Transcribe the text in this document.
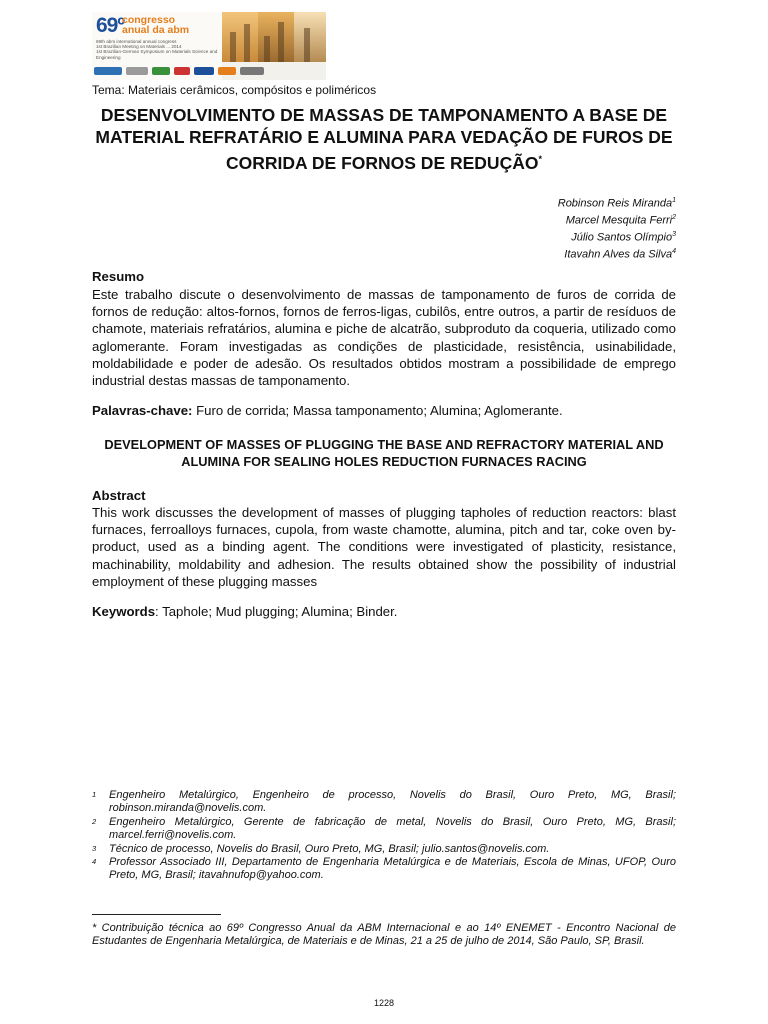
69º
congresso
anual da abm
69th abm international annual congress
1st Brazilian Meeting on Materials ... 2014
1st Brazilian-German Symposium on Materials Science and Engineering
Tema: Materiais cerâmicos, compósitos e poliméricos
DESENVOLVIMENTO DE MASSAS DE TAMPONAMENTO A BASE DE MATERIAL REFRATÁRIO E ALUMINA PARA VEDAÇÃO DE FUROS DE CORRIDA DE FORNOS DE REDUÇÃO*
Robinson Reis Miranda$^1$
Marcel Mesquita Ferri$^2$
Júlio Santos Olímpio$^3$
Itavahn Alves da Silva$^4$
Resumo

Este trabalho discute o desenvolvimento de massas de tamponamento de furos de corrida de fornos de redução: altos-fornos, fornos de ferros-ligas, cubilôs, entre outros, a partir de resíduos de chamote, materiais refratários, alumina e piche de alcatrão, subproduto da coqueria, utilizado como aglomerante. Foram investigadas as condições de plasticidade, resistência, usinabilidade, moldabilidade e poder de adesão. Os resultados obtidos mostram a possibilidade de emprego industrial destas massas de tamponamento.

Palavras-chave: Furo de corrida; Massa tamponamento; Alumina; Aglomerante.
DEVELOPMENT OF MASSES OF PLUGGING THE BASE AND REFRACTORY MATERIAL AND ALUMINA FOR SEALING HOLES REDUCTION FURNACES RACING
Abstract

This work discusses the development of masses of plugging tapholes of reduction reactors: blast furnaces, ferroalloys furnaces, cupola, from waste chamotte, alumina, pitch and tar, coke oven by-product, used as a binding agent. The conditions were investigated of plasticity, resistance, machinability, moldability and adhesion. The results obtained show the possibility of industrial employment of these plugging masses

Keywords: Taphole; Mud plugging; Alumina; Binder.
1	Engenheiro Metalúrgico, Engenheiro de processo, Novelis do Brasil, Ouro Preto, MG, Brasil; robinson.miranda@novelis.com.
2	Engenheiro Metalúrgico, Gerente de fabricação de metal, Novelis do Brasil, Ouro Preto, MG, Brasil; marcel.ferri@novelis.com.
3	Técnico de processo, Novelis do Brasil, Ouro Preto, MG, Brasil; julio.santos@novelis.com.
4	Professor Associado III, Departamento de Engenharia Metalúrgica e de Materiais, Escola de Minas, UFOP, Ouro Preto, MG, Brasil; itavahnufop@yahoo.com.

* Contribuição técnica ao 69º Congresso Anual da ABM Internacional e ao 14º ENEMET - Encontro Nacional de Estudantes de Engenharia Metalúrgica, de Materiais e de Minas, 21 a 25 de julho de 2014, São Paulo, SP, Brasil.

1228
